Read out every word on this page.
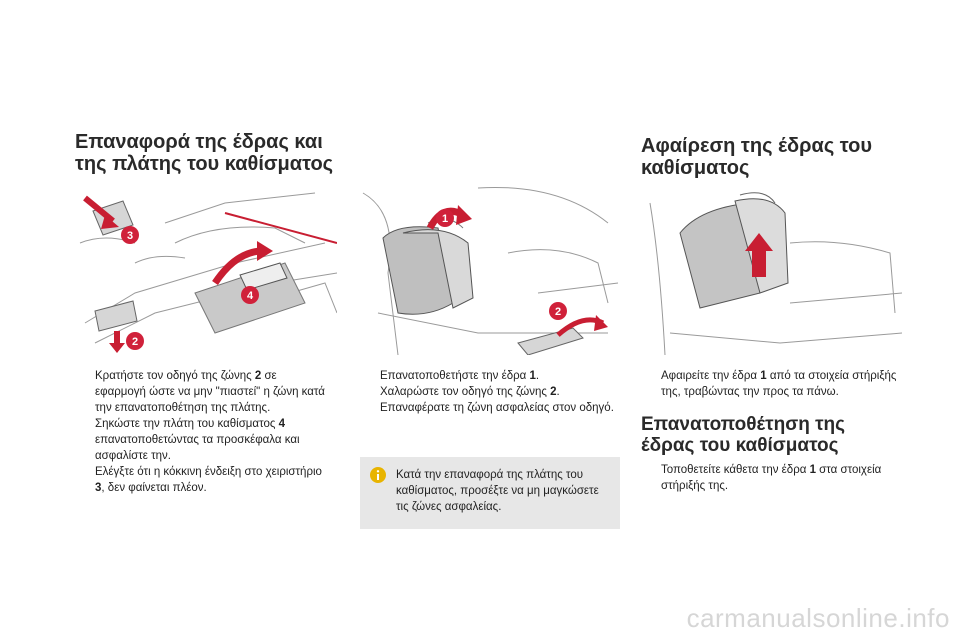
Επαναφορά της έδρας και
της πλάτης του καθίσματος
3
4
2
Κρατήστε τον οδηγό της ζώνης 2 σε εφαρμογή ώστε να μην "πιαστεί" η ζώνη κατά την επανατοποθέτηση της πλάτης.
Σηκώστε την πλάτη του καθίσματος 4 επανατοποθετώντας τα προσκέφαλα και ασφαλίστε την.
Ελέγξτε ότι η κόκκινη ένδειξη στο χειριστήριο 3, δεν φαίνεται πλέον.
1
2
Επανατοποθετήστε την έδρα 1.
Χαλαρώστε τον οδηγό της ζώνης 2.
Επαναφέρατε τη ζώνη ασφαλείας στον οδηγό.
Κατά την επαναφορά της πλάτης του καθίσματος, προσέξτε να μη μαγκώσετε τις ζώνες ασφαλείας.
Αφαίρεση της έδρας του
καθίσματος
Αφαιρείτε την έδρα 1 από τα στοιχεία στήριξής της, τραβώντας την προς τα πάνω.
Επανατοποθέτηση της
έδρας του καθίσματος
Τοποθετείτε κάθετα την έδρα 1 στα στοιχεία στήριξής της.
carmanualsonline.info
